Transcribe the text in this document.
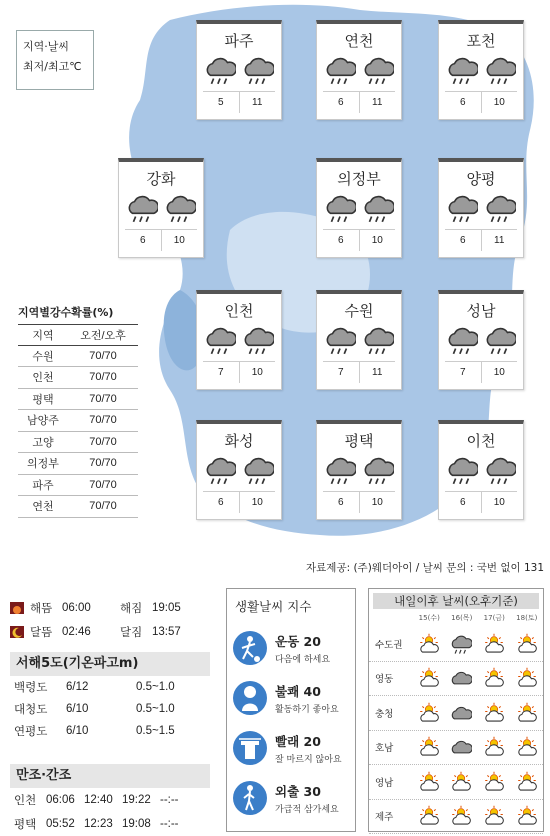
지역·날씨
최저/최고℃
파주
5	11
연천
6	11
포천
6	10
강화
6	10
의정부
6	10
양평
6	11
인천
7	10
수원
7	11
성남
7	10
화성
6	10
평택
6	10
이천
6	10
지역별강수확률(%)
지역	오전/오후
수원	70/70
인천	70/70
평택	70/70
남양주	70/70
고양	70/70
의정부	70/70
파주	70/70
연천	70/70
자료제공: (주)웨더아이 / 날씨 문의 : 국번 없이 131
해뜸 06:00	해짐 19:05
달뜸 02:46	달짐 13:57
서해5도(기온파고m)
백령도	6/12	0.5~1.0
대청도	6/10	0.5~1.0
연평도	6/10	0.5~1.5
만조·간조
인천 06:06 12:40 19:22 --:--
평택 05:52 12:23 19:08 --:--
생활날씨 지수
운동 20
다음에 하세요
불쾌 40
활동하기 좋아요
빨래 20
잘 마르지 않아요
외출 30
가급적 삼가세요
내일이후 날씨(오후기준)
15(수)	16(목)	17(금)	18(토)
수도권
영동
충청
호남
영남
제주
